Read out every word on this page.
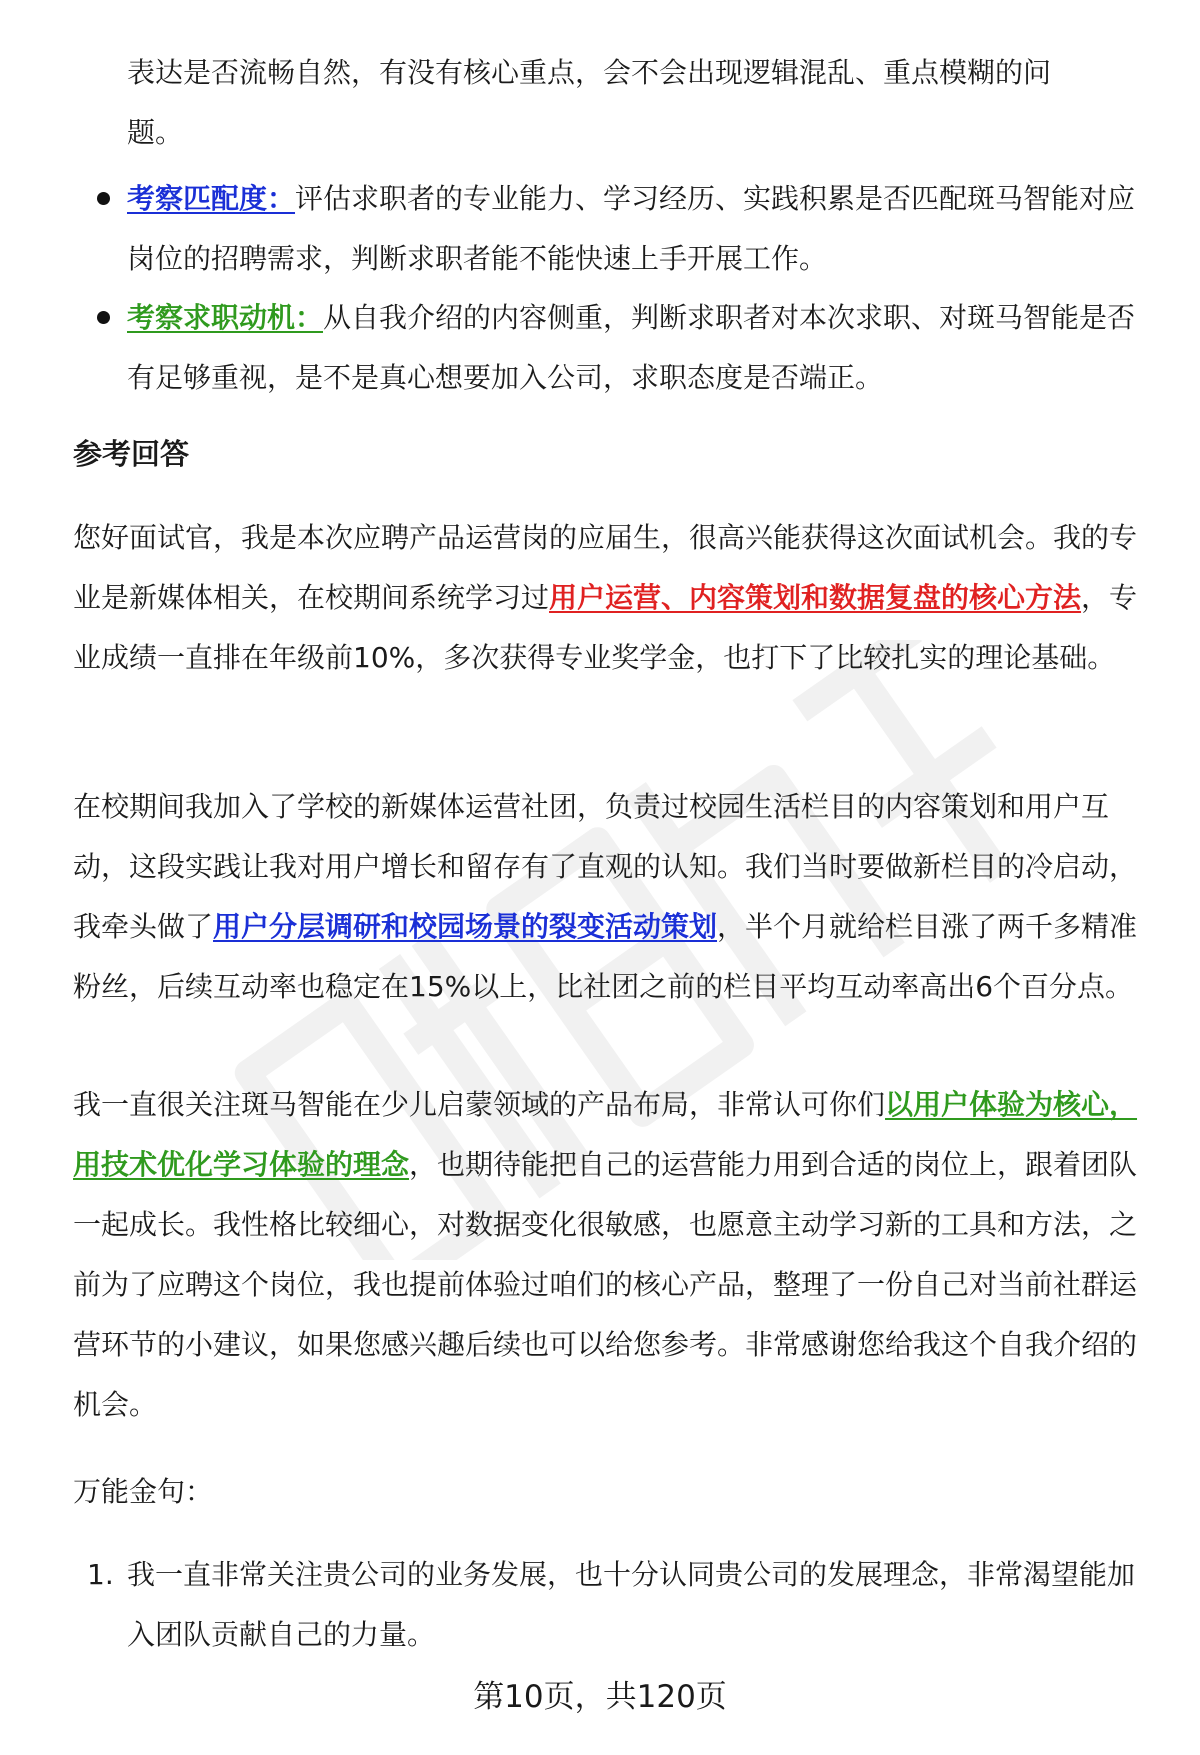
表达是否流畅自然，有没有核心重点，会不会出现逻辑混乱、重点模糊的问
题。
考察匹配度：评估求职者的专业能力、学习经历、实践积累是否匹配斑马智能对应岗位的招聘需求，判断求职者能不能快速上手开展工作。
考察求职动机：从自我介绍的内容侧重，判断求职者对本次求职、对斑马智能是否有足够重视，是不是真心想要加入公司，求职态度是否端正。
参考回答

您好面试官，我是本次应聘产品运营岗的应届生，很高兴能获得这次面试机会。我的专业是新媒体相关，在校期间系统学习过用户运营、内容策划和数据复盘的核心方法，专业成绩一直排在年级前10%，多次获得专业奖学金，也打下了比较扎实的理论基础。

在校期间我加入了学校的新媒体运营社团，负责过校园生活栏目的内容策划和用户互动，这段实践让我对用户增长和留存有了直观的认知。我们当时要做新栏目的冷启动，我牵头做了用户分层调研和校园场景的裂变活动策划，半个月就给栏目涨了两千多精准粉丝，后续互动率也稳定在15%以上，比社团之前的栏目平均互动率高出6个百分点。

我一直很关注斑马智能在少儿启蒙领域的产品布局，非常认可你们以用户体验为核心，用技术优化学习体验的理念，也期待能把自己的运营能力用到合适的岗位上，跟着团队一起成长。我性格比较细心，对数据变化很敏感，也愿意主动学习新的工具和方法，之前为了应聘这个岗位，我也提前体验过咱们的核心产品，整理了一份自己对当前社群运营环节的小建议，如果您感兴趣后续也可以给您参考。非常感谢您给我这个自我介绍的机会。

万能金句：

1. 我一直非常关注贵公司的业务发展，也十分认同贵公司的发展理念，非常渴望能加入团队贡献自己的力量。
第10页，共120页
